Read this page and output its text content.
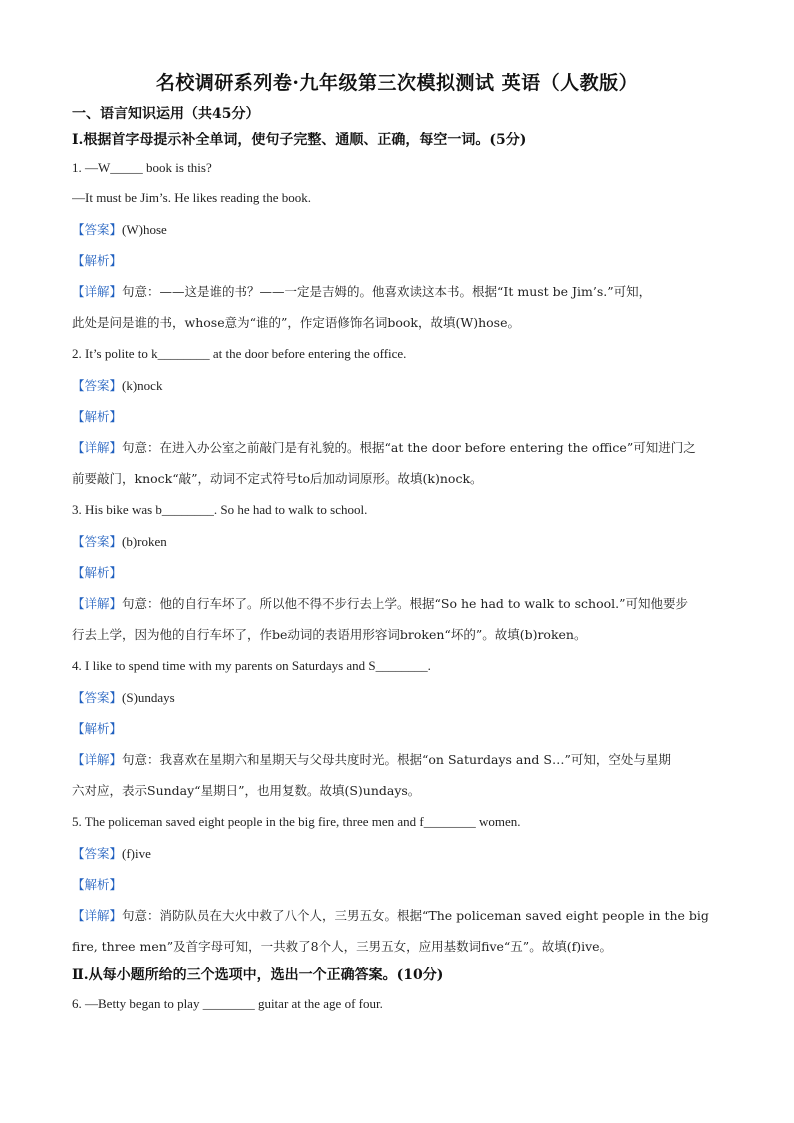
名校调研系列卷·九年级第三次模拟测试 英语（人教版）
一、语言知识运用（共45分）
I.根据首字母提示补全单词，使句子完整、通顺、正确，每空一词。(5分)
1. —W_____ book is this?
—It must be Jim’s. He likes reading the book.
【答案】(W)hose
【解析】
【详解】句意：——这是谁的书？——一定是吉姆的。他喜欢读这本书。根据“It must be Jim’s.”可知，
此处是问是谁的书，whose意为“谁的”，作定语修饰名词book，故填(W)hose。
2. It’s polite to k________ at the door before entering the office.
【答案】(k)nock
【解析】
【详解】句意：在进入办公室之前敲门是有礼貌的。根据“at the door before entering the office”可知进门之
前要敲门，knock“敲”，动词不定式符号to后加动词原形。故填(k)nock。
3. His bike was b________. So he had to walk to school.
【答案】(b)roken
【解析】
【详解】句意：他的自行车坏了。所以他不得不步行去上学。根据“So he had to walk to school.”可知他要步
行去上学，因为他的自行车坏了，作be动词的表语用形容词broken“坏的”。故填(b)roken。
4. I like to spend time with my parents on Saturdays and S________.
【答案】(S)undays
【解析】
【详解】句意：我喜欢在星期六和星期天与父母共度时光。根据“on Saturdays and S…”可知，空处与星期
六对应，表示Sunday“星期日”，也用复数。故填(S)undays。
5. The policeman saved eight people in the big fire, three men and f________ women.
【答案】(f)ive
【解析】
【详解】句意：消防队员在大火中救了八个人，三男五女。根据“The policeman saved eight people in the big
fire, three men”及首字母可知，一共救了8个人，三男五女，应用基数词five“五”。故填(f)ive。
Ⅱ.从每小题所给的三个选项中，选出一个正确答案。(10分)
6. —Betty began to play ________ guitar at the age of four.
